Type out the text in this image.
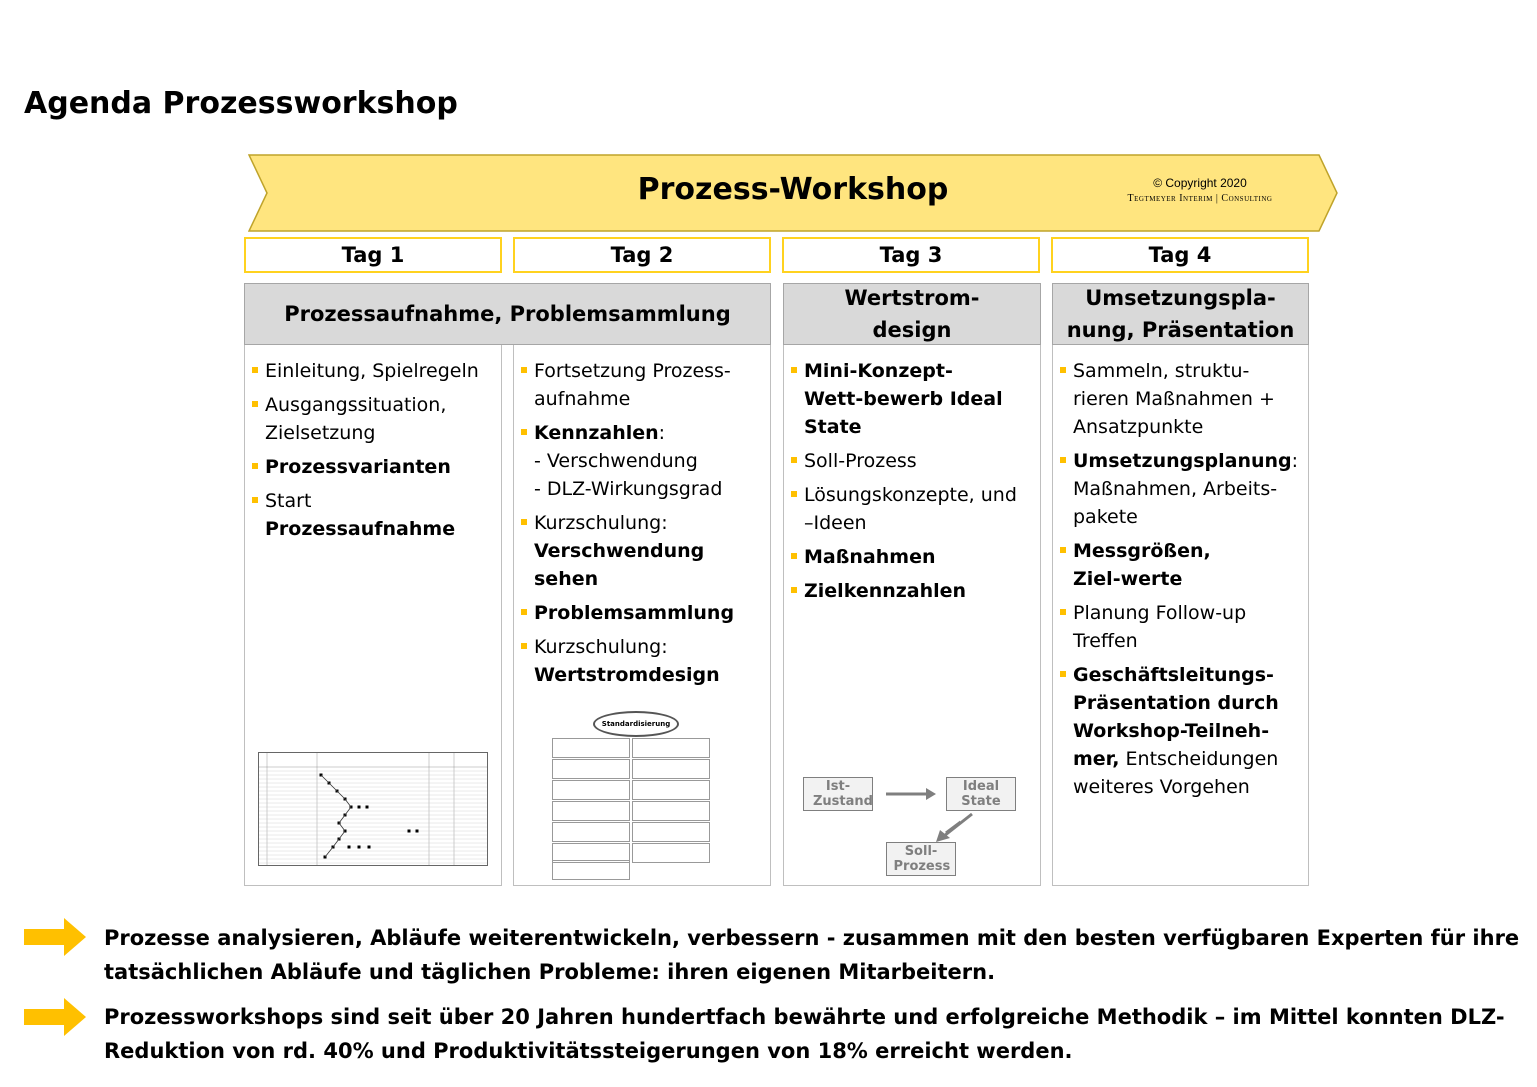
Agenda Prozessworkshop
Prozess-Workshop	© Copyright 2020
Tegtmeyer Interim | Consulting
Tag 1	Tag 2	Tag 3	Tag 4
Prozessaufnahme, Problemsammlung
Wertstrom-
design
Umsetzungspla-
nung, Präsentation
Einleitung, Spielregeln
Ausgangssituation, Zielsetzung
Prozessvarianten
Start Prozessaufnahme
Fortsetzung Prozess-aufnahme
Kennzahlen:
- Verschwendung
- DLZ-Wirkungsgrad
Kurzschulung:
Verschwendung sehen
Problemsammlung
Kurzschulung:
Wertstromdesign
Mini-Konzept-Wett-bewerb Ideal State
Soll-Prozess
Lösungskonzepte, und –Ideen
Maßnahmen
Zielkennzahlen
Sammeln, struktu-rieren Maßnahmen + Ansatzpunkte
Umsetzungsplanung: Maßnahmen, Arbeits-pakete
Messgrößen, Ziel-werte
Planung Follow-up Treffen
Geschäftsleitungs-Präsentation durch Workshop-Teilneh-mer, Entscheidungen weiteres Vorgehen
Standardisierung
Ist-Zustand
Ideal State
Soll-Prozess
Prozesse analysieren, Abläufe weiterentwickeln, verbessern - zusammen mit den besten verfügbaren Experten für ihre tatsächlichen Abläufe und täglichen Probleme: ihren eigenen Mitarbeitern.
Prozessworkshops sind seit über 20 Jahren hundertfach bewährte und erfolgreiche Methodik – im Mittel konnten DLZ-Reduktion von rd. 40% und Produktivitätssteigerungen von 18% erreicht werden.
